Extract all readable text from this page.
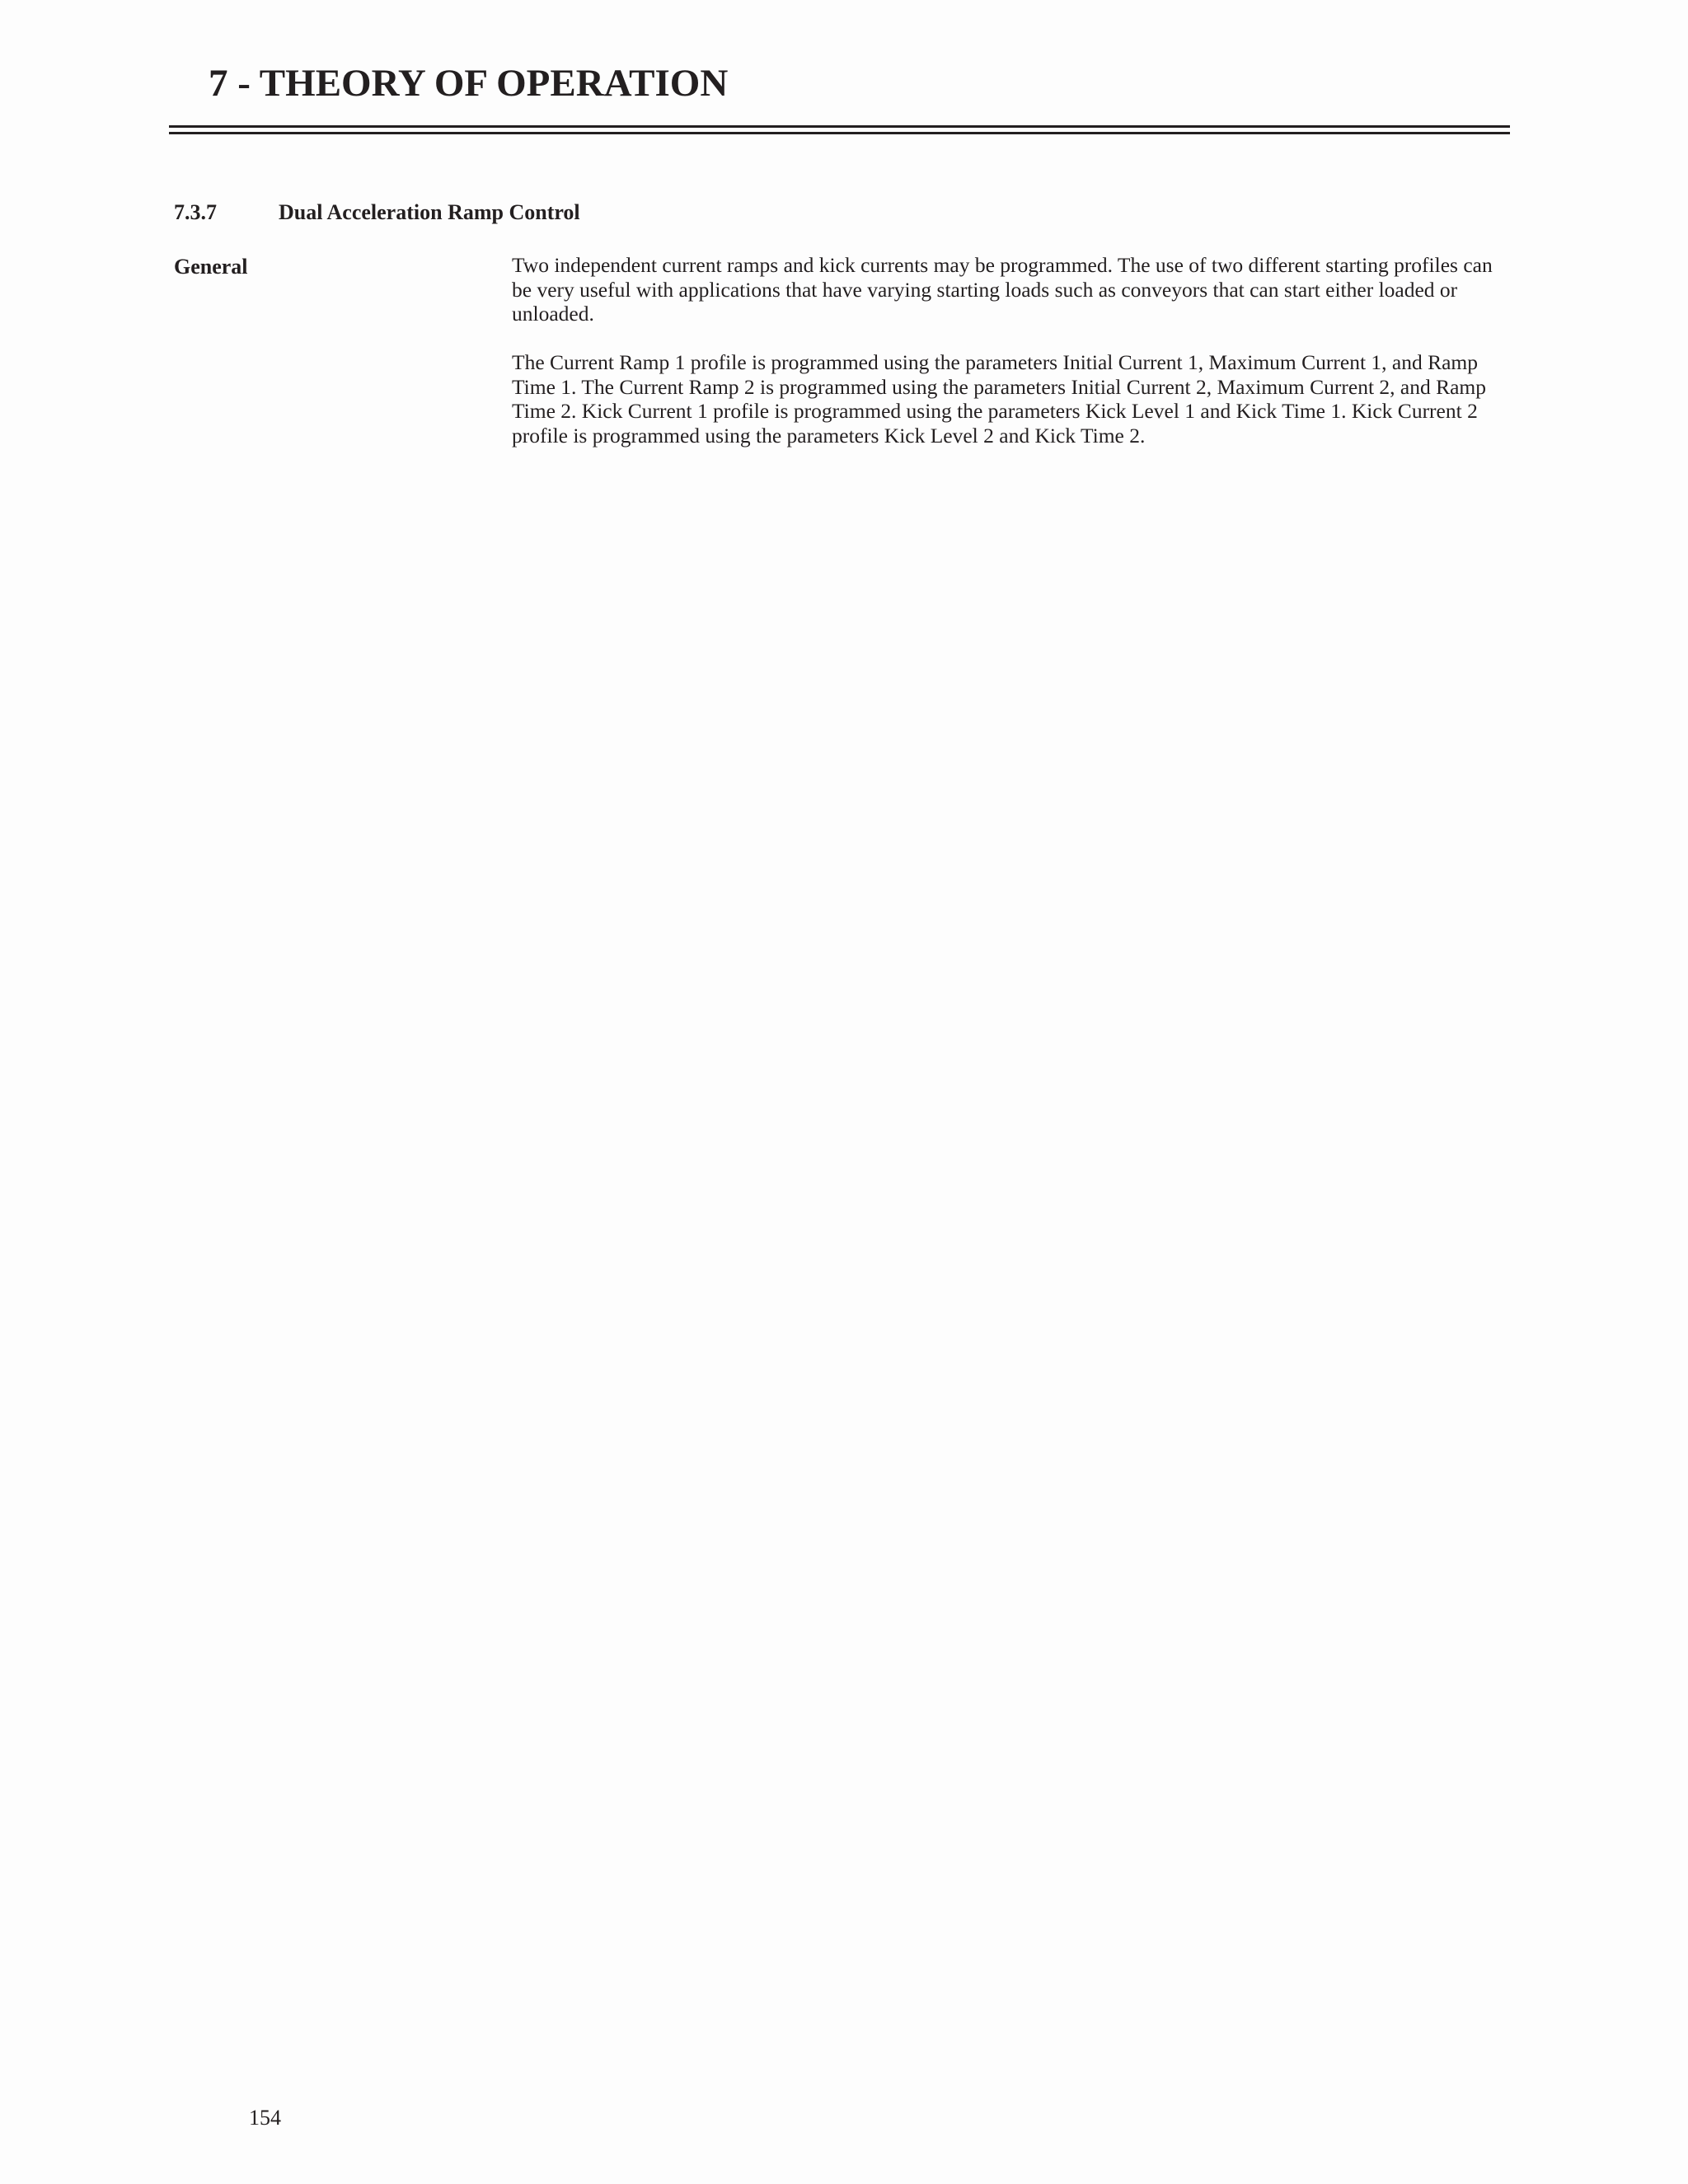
7 - THEORY OF OPERATION
7.3.7	Dual Acceleration Ramp Control
General	Two independent current ramps and kick currents may be programmed. The use of two different starting profiles can be very useful with applications that have varying starting loads such as conveyors that can start either loaded or unloaded.

The Current Ramp 1 profile is programmed using the parameters Initial Current 1, Maximum Current 1, and Ramp Time 1. The Current Ramp 2 is programmed using the parameters Initial Current 2, Maximum Current 2, and Ramp Time 2. Kick Current 1 profile is programmed using the parameters Kick Level 1 and Kick Time 1. Kick Current 2 profile is programmed using the parameters Kick Level 2 and Kick Time 2.

154
